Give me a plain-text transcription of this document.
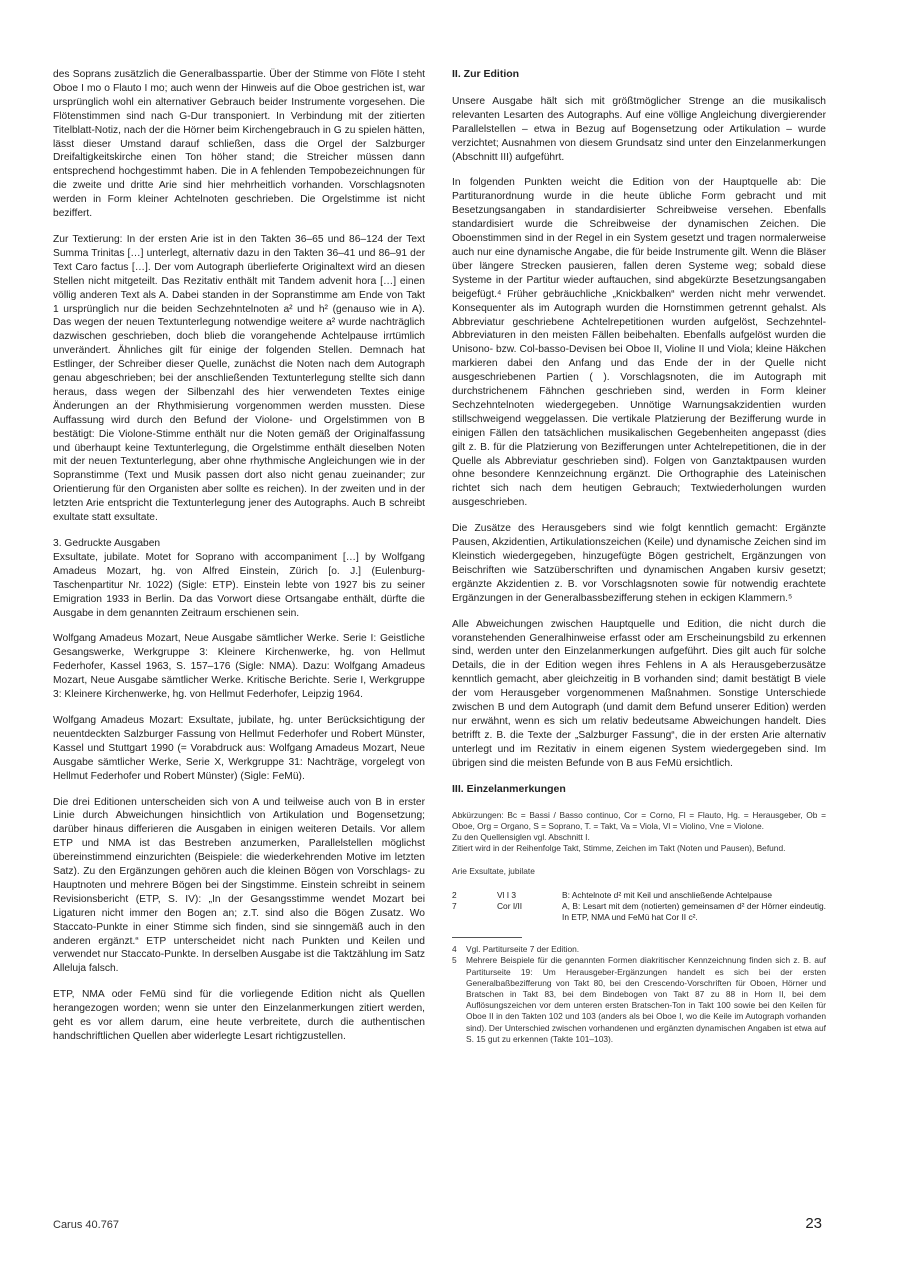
des Soprans zusätzlich die Generalbasspartie. Über der Stimme von Flöte I steht Oboe I mo o Flauto I mo; auch wenn der Hinweis auf die Oboe gestrichen ist, war ursprünglich wohl ein alternativer Gebrauch beider Instrumente vorgesehen. Die Flötenstimmen sind nach G-Dur transponiert. In Verbindung mit der zitierten Titelblatt-Notiz, nach der die Hörner beim Kirchengebrauch in G zu spielen hätten, lässt dieser Umstand darauf schließen, dass die Orgel der Salzburger Dreifaltigkeitskirche einen Ton höher stand; die Streicher müssen dann entsprechend hochgestimmt haben. Die in A fehlenden Tempobezeichnungen für die zweite und dritte Arie sind hier mehrheitlich vorhanden. Vorschlagsnoten werden in Form kleiner Achtelnoten geschrieben. Die Orgelstimme ist nicht beziffert.

Zur Textierung: In der ersten Arie ist in den Takten 36–65 und 86–124 der Text Summa Trinitas […] unterlegt, alternativ dazu in den Takten 36–41 und 86–91 der Text Caro factus […]. Der vom Autograph überlieferte Originaltext wird an diesen Stellen nicht mitgeteilt. Das Rezitativ enthält mit Tandem advenit hora […] einen völlig anderen Text als A. Dabei standen in der Sopranstimme am Ende von Takt 1 ursprünglich nur die beiden Sechzehntelnoten a² und h² (genauso wie in A). Das wegen der neuen Textunterlegung notwendige weitere a² wurde nachträglich dazwischen geschrieben, doch blieb die vorangehende Achtelpause irrtümlich unverändert. Ähnliches gilt für einige der folgenden Stellen. Demnach hat Estlinger, der Schreiber dieser Quelle, zunächst die Noten nach dem Autograph genau abgeschrieben; bei der anschließenden Textunterlegung stellte sich dann heraus, dass wegen der Silbenzahl des hier verwendeten Textes einige Änderungen an der Rhythmisierung vorgenommen werden mussten. Diese Auffassung wird durch den Befund der Violone- und Orgelstimmen von B bestätigt: Die Violone-Stimme enthält nur die Noten gemäß der Originalfassung und überhaupt keine Textunterlegung, die Orgelstimme enthält dieselben Noten mit der neuen Textunterlegung, aber ohne rhythmische Angleichungen wie in der Sopranstimme (Text und Musik passen dort also nicht genau zueinander; zur Orientierung für den Organisten aber sollte es reichen). In der zweiten und in der letzten Arie entspricht die Textunterlegung jener des Autographs. Auch B schreibt exultate statt exsultate.

3. Gedruckte Ausgaben

Exsultate, jubilate. Motet for Soprano with accompaniment […] by Wolfgang Amadeus Mozart, hg. von Alfred Einstein, Zürich [o. J.] (Eulenburg-Taschenpartitur Nr. 1022) (Sigle: ETP). Einstein lebte von 1927 bis zu seiner Emigration 1933 in Berlin. Da das Vorwort diese Ortsangabe enthält, dürfte die Ausgabe in dem genannten Zeitraum erschienen sein.

Wolfgang Amadeus Mozart, Neue Ausgabe sämtlicher Werke. Serie I: Geistliche Gesangswerke, Werkgruppe 3: Kleinere Kirchenwerke, hg. von Hellmut Federhofer, Kassel 1963, S. 157–176 (Sigle: NMA). Dazu: Wolfgang Amadeus Mozart, Neue Ausgabe sämtlicher Werke. Kritische Berichte. Serie I, Werkgruppe 3: Kleinere Kirchenwerke, hg. von Hellmut Federhofer, Leipzig 1964.

Wolfgang Amadeus Mozart: Exsultate, jubilate, hg. unter Berücksichtigung der neuentdeckten Salzburger Fassung von Hellmut Federhofer und Robert Münster, Kassel und Stuttgart 1990 (= Vorabdruck aus: Wolfgang Amadeus Mozart, Neue Ausgabe sämtlicher Werke, Serie X, Werkgruppe 31: Nachträge, vorgelegt von Hellmut Federhofer und Robert Münster) (Sigle: FeMü).

Die drei Editionen unterscheiden sich von A und teilweise auch von B in erster Linie durch Abweichungen hinsichtlich von Artikulation und Bogensetzung; darüber hinaus differieren die Ausgaben in einigen weiteren Details. Vor allem ETP und NMA ist das Bestreben anzumerken, Parallelstellen möglichst übereinstimmend einzurichten (Beispiele: die wiederkehrenden Motive im letzten Satz). Zu den Ergänzungen gehören auch die kleinen Bögen von Vorschlags- zu Hauptnoten und mehrere Bögen bei der Singstimme. Einstein schreibt in seinem Revisionsbericht (ETP, S. IV): „In der Gesangsstimme wendet Mozart bei Ligaturen nicht immer den Bogen an; z.T. sind also die Bögen Zusatz. Wo Staccato-Punkte in einer Stimme sich finden, sind sie sinngemäß auch in den anderen ergänzt.“ ETP unterscheidet nicht nach Punkten und Keilen und verwendet nur Staccato-Punkte. In derselben Ausgabe ist die Taktzählung im Satz Alleluja falsch.

ETP, NMA oder FeMü sind für die vorliegende Edition nicht als Quellen herangezogen worden; wenn sie unter den Einzelanmerkungen zitiert werden, geht es vor allem darum, eine heute verbreitete, durch die authentischen handschriftlichen Quellen aber widerlegte Lesart richtigzustellen.

II. Zur Edition

Unsere Ausgabe hält sich mit größtmöglicher Strenge an die musikalisch relevanten Lesarten des Autographs. Auf eine völlige Angleichung divergierender Parallelstellen – etwa in Bezug auf Bogensetzung oder Artikulation – wurde verzichtet; Ausnahmen von diesem Grundsatz sind unter den Einzelanmerkungen (Abschnitt III) aufgeführt.

In folgenden Punkten weicht die Edition von der Hauptquelle ab: Die Partituranordnung wurde in die heute übliche Form gebracht und mit Besetzungsangaben in standardisierter Schreibweise versehen. Ebenfalls standardisiert wurde die Schreibweise der dynamischen Zeichen. Die Oboenstimmen sind in der Regel in ein System gesetzt und tragen normalerweise auch nur eine dynamische Angabe, die für beide Instrumente gilt. Wenn die Bläser über längere Strecken pausieren, fallen deren Systeme weg; sobald diese Systeme in der Partitur wieder auftauchen, sind abgekürzte Besetzungsangaben beigefügt.⁴ Früher gebräuchliche „Knickbalken“ werden nicht mehr verwendet. Konsequenter als im Autograph wurden die Hornstimmen getrennt gehalst. Als Abbreviatur geschriebene Achtelrepetitionen wurden aufgelöst, Sechzehntel-Abbreviaturen in den meisten Fällen beibehalten. Ebenfalls aufgelöst wurden die Unisono- bzw. Col-basso-Devisen bei Oboe II, Violine II und Viola; kleine Häkchen markieren dabei den Anfang und das Ende der in der Quelle nicht ausgeschriebenen Partien ( ). Vorschlagsnoten, die im Autograph mit durchstrichenem Fähnchen geschrieben sind, werden in Form kleiner Sechzehntelnoten wiedergegeben. Unnötige Warnungsakzidentien wurden stillschweigend weggelassen. Die vertikale Platzierung der Bezifferung wurde in einigen Fällen den tatsächlichen musikalischen Gegebenheiten angepasst (dies gilt z. B. für die Platzierung von Bezifferungen unter Achtelrepetitionen, die in der Quelle als Abbreviatur geschrieben sind). Folgen von Ganztaktpausen wurden ohne besondere Kennzeichnung ergänzt. Die Orthographie des Lateinischen richtet sich nach dem heutigen Gebrauch; Textwiederholungen wurden ausgeschrieben.

Die Zusätze des Herausgebers sind wie folgt kenntlich gemacht: Ergänzte Pausen, Akzidentien, Artikulationszeichen (Keile) und dynamische Zeichen sind im Kleinstich wiedergegeben, hinzugefügte Bögen gestrichelt, Ergänzungen von Beischriften wie Satzüberschriften und dynamischen Angaben kursiv gesetzt; ergänzte Akzidentien z. B. vor Vorschlagsnoten sowie für notwendig erachtete Ergänzungen in der Generalbassbezifferung stehen in eckigen Klammern.⁵

Alle Abweichungen zwischen Hauptquelle und Edition, die nicht durch die voranstehenden Generalhinweise erfasst oder am Erscheinungsbild zu erkennen sind, werden unter den Einzelanmerkungen aufgeführt. Dies gilt auch für solche Details, die in der Edition wegen ihres Fehlens in A als Herausgeberzusätze kenntlich gemacht, aber gleichzeitig in B vorhanden sind; damit bestätigt B viele der vom Herausgeber vorgenommenen Maßnahmen. Sonstige Unterschiede zwischen B und dem Autograph (und damit dem Befund unserer Edition) werden nur erwähnt, wenn es sich um relativ bedeutsame Abweichungen handelt. Dies betrifft z. B. die Texte der „Salzburger Fassung“, die in der ersten Arie alternativ unterlegt und im Rezitativ in einem eigenen System wiedergegeben sind. Im übrigen sind die meisten Befunde von B aus FeMü ersichtlich.

III. Einzelanmerkungen

Abkürzungen: Bc = Bassi / Basso continuo, Cor = Corno, Fl = Flauto, Hg. = Herausgeber, Ob = Oboe, Org = Organo, S = Soprano, T. = Takt, Va = Viola, Vl = Violino, Vne = Violone.

Zu den Quellensiglen vgl. Abschnitt I.

Zitiert wird in der Reihenfolge Takt, Stimme, Zeichen im Takt (Noten und Pausen), Befund.

Arie Exsultate, jubilate

2	Vl I 3	B: Achtelnote d² mit Keil und anschließende Achtelpause
7	Cor I/II	A, B: Lesart mit dem (notierten) gemeinsamen d² der Hörner eindeutig. In ETP, NMA und FeMü hat Cor II c².
4	Vgl. Partiturseite 7 der Edition.
5	Mehrere Beispiele für die genannten Formen diakritischer Kennzeichnung finden sich z. B. auf Partiturseite 19: Um Herausgeber-Ergänzungen handelt es sich bei der ersten Generalbaßbezifferung von Takt 80, bei den Crescendo-Vorschriften für Oboen, Hörner und Bratschen in Takt 83, bei dem Bindebogen von Takt 87 zu 88 in Horn II, bei dem Auflösungszeichen vor dem unteren ersten Bratschen-Ton in Takt 100 sowie bei den Keilen für Oboe II in den Takten 102 und 103 (anders als bei Oboe I, wo die Keile im Autograph vorhanden sind). Der Unterschied zwischen vorhandenen und ergänzten dynamischen Angaben ist etwa auf S. 15 gut zu erkennen (Takte 101–103).
Carus 40.767	23
